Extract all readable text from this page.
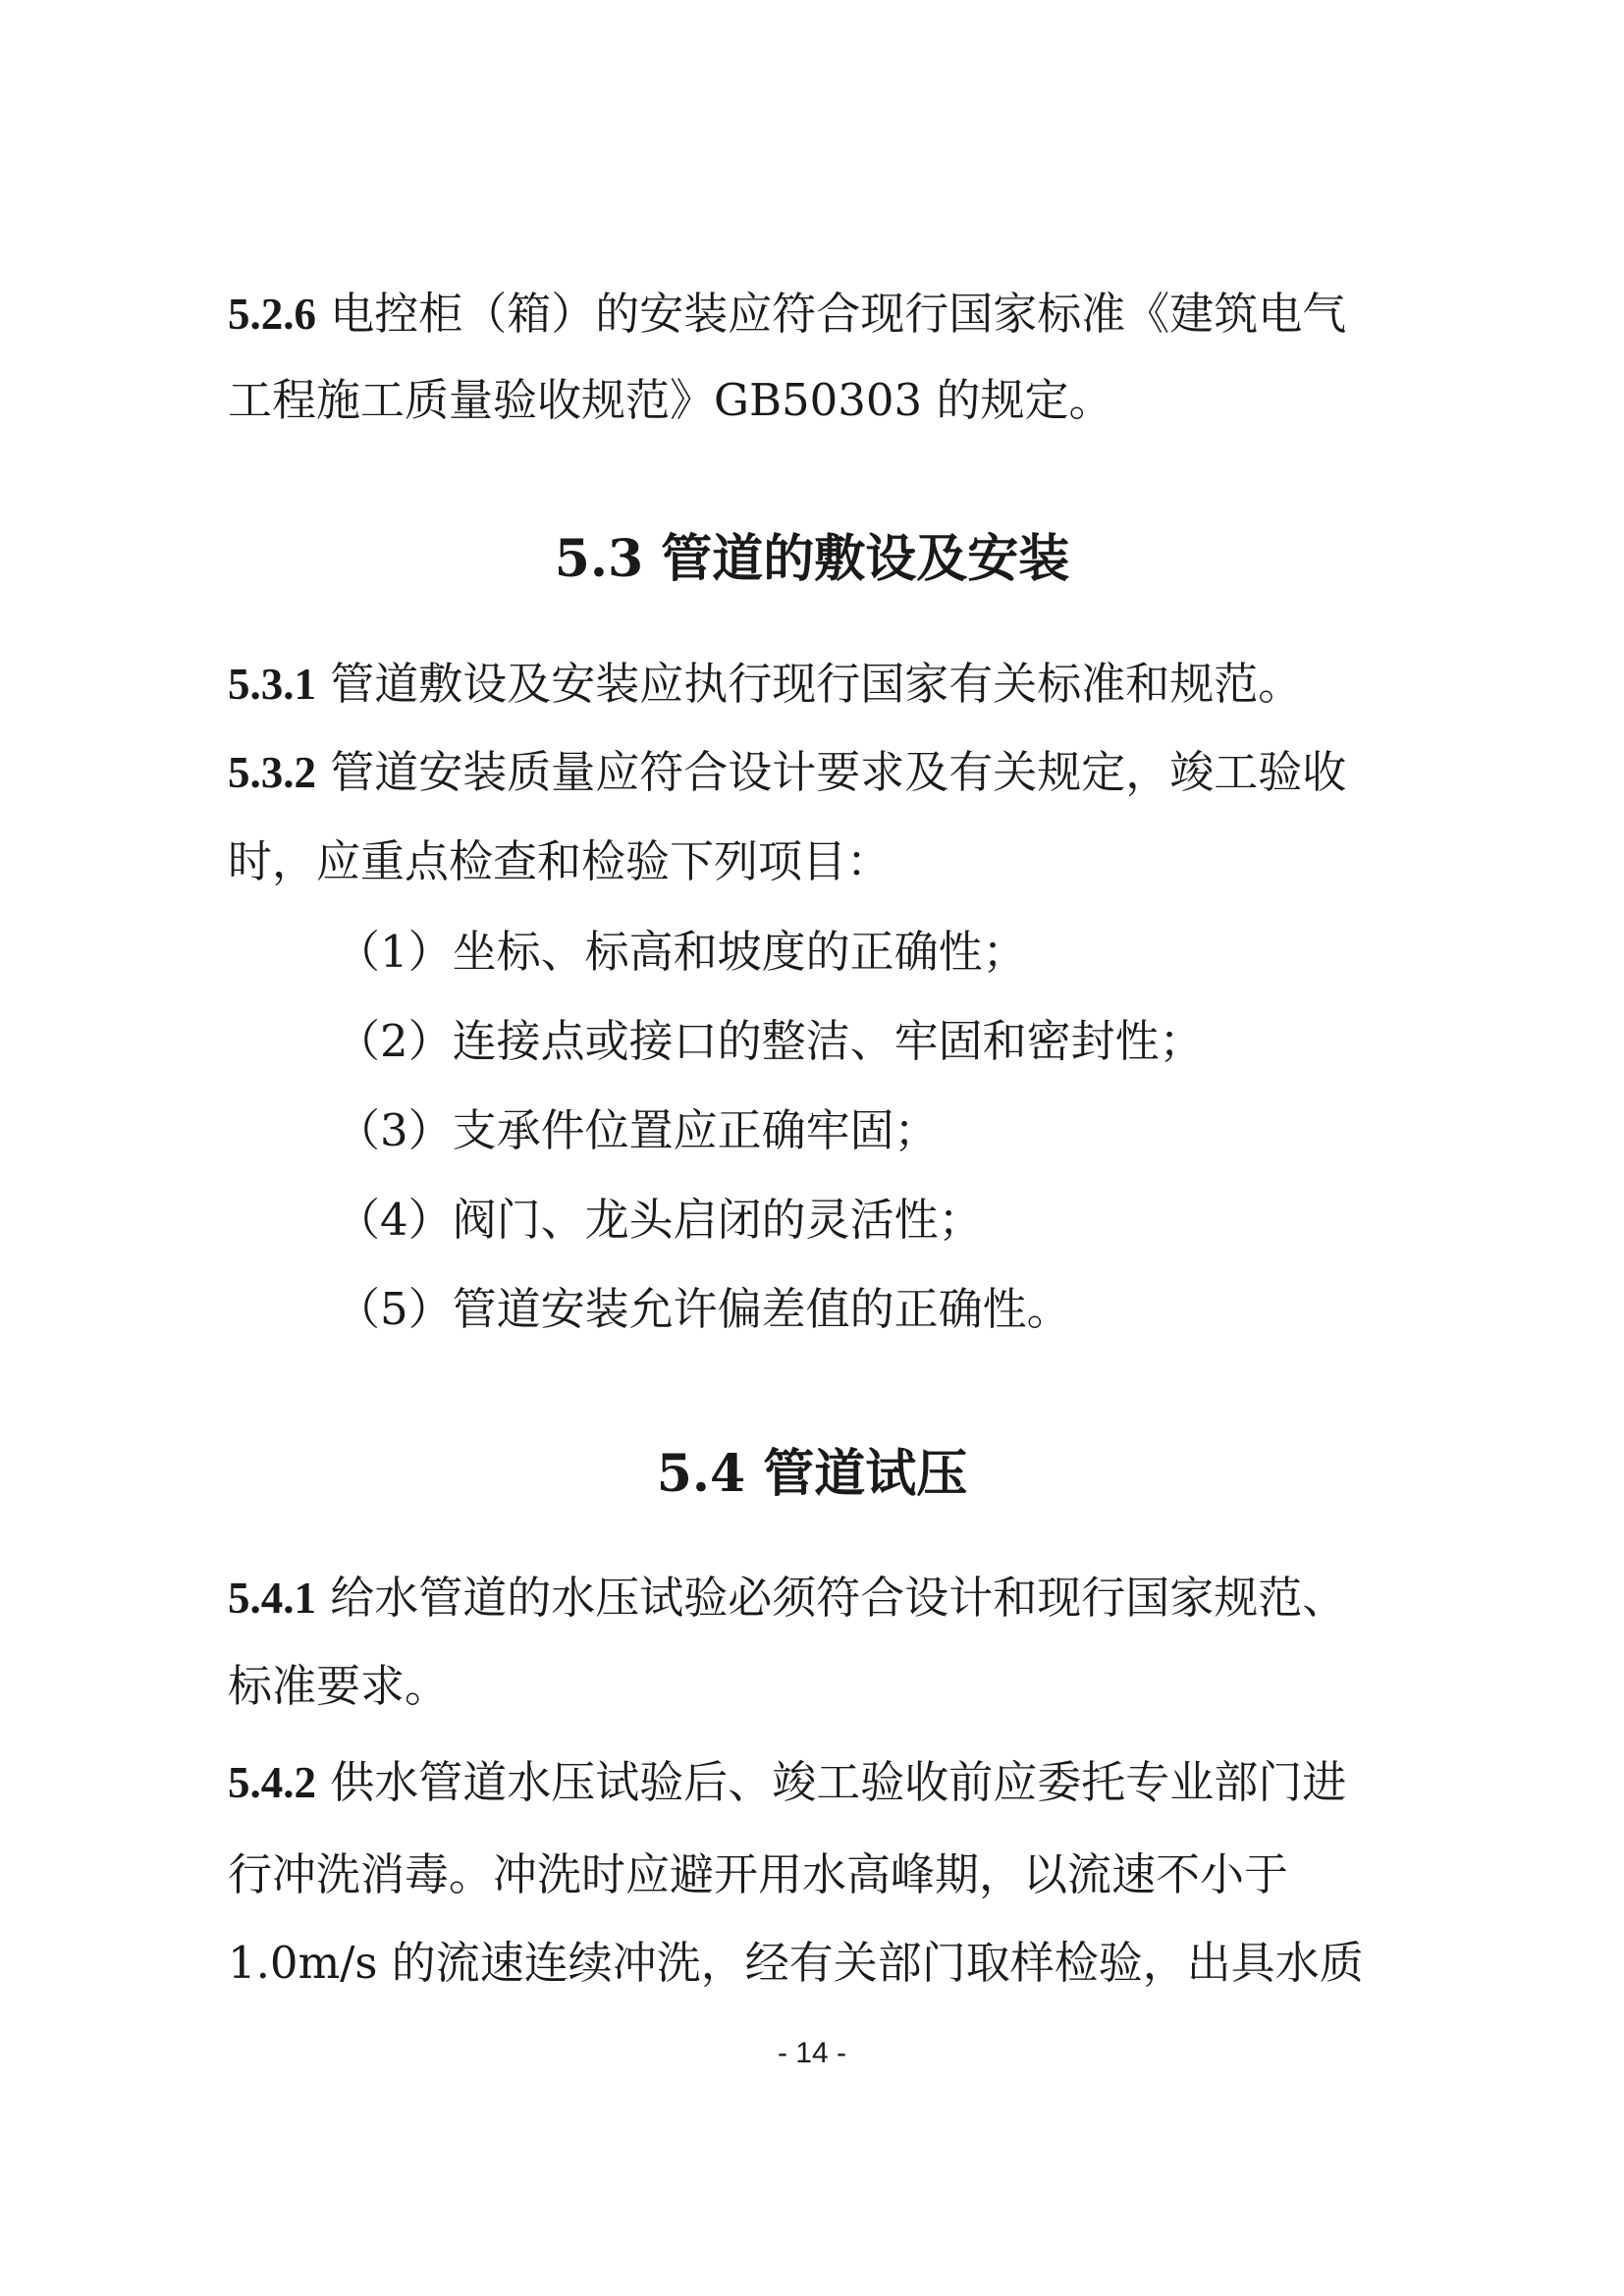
5.2.6 电控柜（箱）的安装应符合现行国家标准《建筑电气
工程施工质量验收规范》GB50303 的规定。
5.3 管道的敷设及安装
5.3.1 管道敷设及安装应执行现行国家有关标准和规范。
5.3.2 管道安装质量应符合设计要求及有关规定，竣工验收
时，应重点检查和检验下列项目：
（1）坐标、标高和坡度的正确性；
（2）连接点或接口的整洁、牢固和密封性；
（3）支承件位置应正确牢固；
（4）阀门、龙头启闭的灵活性；
（5）管道安装允许偏差值的正确性。
5.4 管道试压
5.4.1 给水管道的水压试验必须符合设计和现行国家规范、
标准要求。
5.4.2 供水管道水压试验后、竣工验收前应委托专业部门进
行冲洗消毒。冲洗时应避开用水高峰期，以流速不小于
1.0m/s 的流速连续冲洗，经有关部门取样检验，出具水质
- 14 -
